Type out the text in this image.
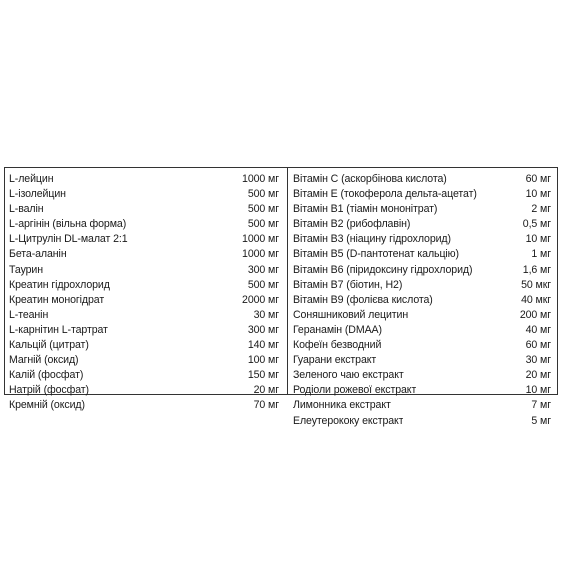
L-лейцин	1000 мг
L-ізолейцин	500 мг
L-валін	500 мг
L-аргінін (вільна форма)	500 мг
L-Цитрулін DL-малат 2:1	1000 мг
Бета-аланін	1000 мг
Таурин	300 мг
Креатин гідрохлорид	500 мг
Креатин моногідрат	2000 мг
L-теанін	30 мг
L-карнітин L-тартрат	300 мг
Кальцій (цитрат)	140 мг
Магній (оксид)	100 мг
Калій (фосфат)	150 мг
Натрій (фосфат)	20 мг
Кремній (оксид)	70 мг
Вітамін С (аскорбінова кислота)	60 мг
Вітамін Е (токоферола дельта-ацетат)	10 мг
Вітамін В1 (тіамін мононітрат)	2 мг
Вітамін В2 (рибофлавін)	0,5 мг
Вітамін В3 (ніацину гідрохлорид)	10 мг
Вітамін В5 (D-пантотенат кальцію)	1 мг
Вітамін В6 (піридоксину гідрохлорид)	1,6 мг
Вітамін В7 (біотин, Н2)	50 мкг
Вітамін В9 (фолієва кислота)	40 мкг
Соняшниковий лецитин	200 мг
Геранамін (DMAA)	40 мг
Кофеїн безводний	60 мг
Гуарани екстракт	30 мг
Зеленого чаю екстракт	20 мг
Родіоли рожевої екстракт	10 мг
Лимонника екстракт	7 мг
Елеутерококу екстракт	5 мг
